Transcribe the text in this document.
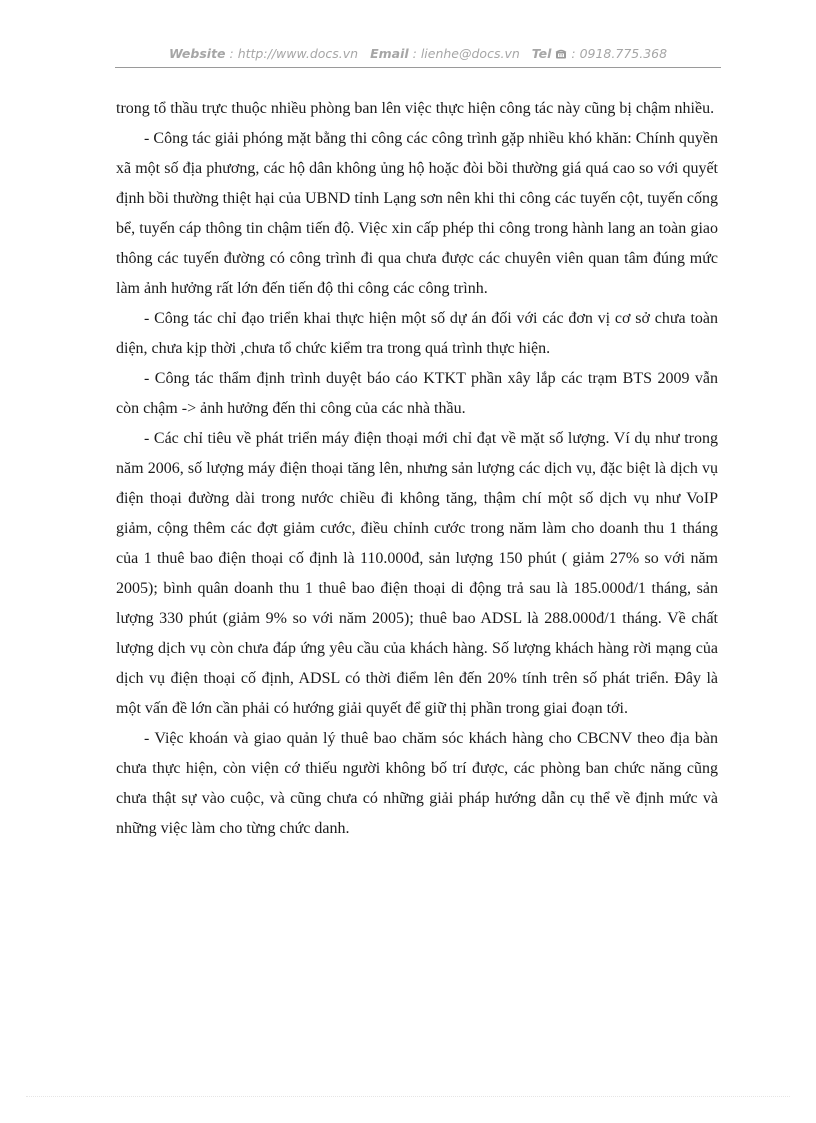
Website : http://www.docs.vn Email : lienhe@docs.vn Tel : 0918.775.368

trong tổ thầu trực thuộc nhiều phòng ban lên việc thực hiện công tác này cũng bị chậm nhiều.

- Công tác giải phóng mặt bằng thi công các công trình gặp nhiều khó khăn: Chính quyền xã một số địa phương, các hộ dân không ủng hộ hoặc đòi bồi thường giá quá cao so với quyết định bồi thường thiệt hại của UBND tỉnh Lạng sơn nên khi thi công các tuyến cột, tuyến cống bể, tuyến cáp thông tin chậm tiến độ. Việc xin cấp phép thi công trong hành lang an toàn giao thông các tuyến đường có công trình đi qua chưa được các chuyên viên quan tâm đúng mức làm ảnh hưởng rất lớn đến tiến độ thi công các công trình.

- Công tác chỉ đạo triển khai thực hiện một số dự án đối với các đơn vị cơ sở chưa toàn diện, chưa kịp thời ,chưa tổ chức kiểm tra trong quá trình thực hiện.

- Công tác thẩm định trình duyệt báo cáo KTKT phần xây lắp các trạm BTS 2009 vẫn còn chậm -> ảnh hưởng đến thi công của các nhà thầu.

- Các chỉ tiêu về phát triển máy điện thoại mới chỉ đạt về mặt số lượng. Ví dụ như trong năm 2006, số lượng máy điện thoại tăng lên, nhưng sản lượng các dịch vụ, đặc biệt là dịch vụ điện thoại đường dài trong nước chiều đi không tăng, thậm chí một số dịch vụ như VoIP giảm, cộng thêm các đợt giảm cước, điều chỉnh cước trong năm làm cho doanh thu 1 tháng của 1 thuê bao điện thoại cố định là 110.000đ, sản lượng 150 phút ( giảm 27% so với năm 2005); bình quân doanh thu 1 thuê bao điện thoại di động trả sau là 185.000đ/1 tháng, sản lượng 330 phút (giảm 9% so với năm 2005); thuê bao ADSL là 288.000đ/1 tháng. Về chất lượng dịch vụ còn chưa đáp ứng yêu cầu của khách hàng. Số lượng khách hàng rời mạng của dịch vụ điện thoại cố định, ADSL có thời điểm lên đến 20% tính trên số phát triển. Đây là một vấn đề lớn cần phải có hướng giải quyết để giữ thị phần trong giai đoạn tới.

- Việc khoán và giao quản lý thuê bao chăm sóc khách hàng cho CBCNV theo địa bàn chưa thực hiện, còn viện cớ thiếu người không bố trí được, các phòng ban chức năng cũng chưa thật sự vào cuộc, và cũng chưa có những giải pháp hướng dẫn cụ thể về định mức và những việc làm cho từng chức danh.
